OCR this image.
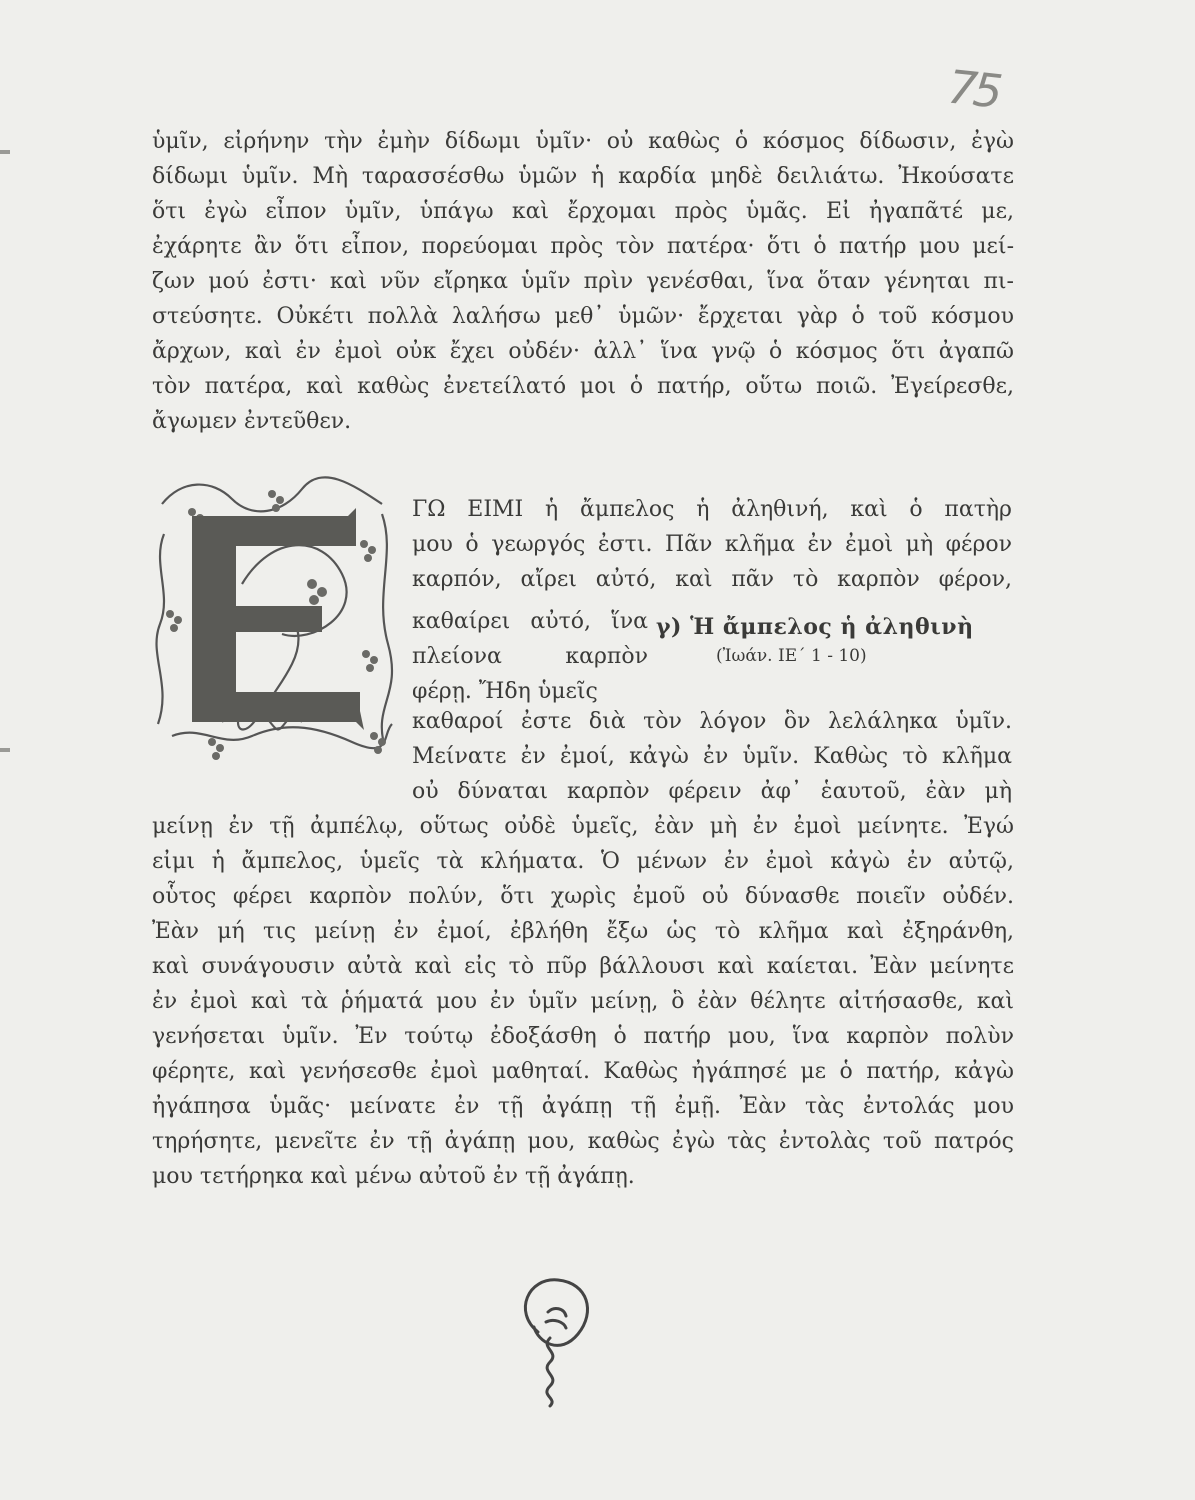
75
ὑμῖν, εἰρήνην τὴν ἐμὴν δίδωμι ὑμῖν· οὐ καθὼς ὁ κόσμος δίδωσιν, ἐγὼ
δίδωμι ὑμῖν. Μὴ ταρασσέσθω ὑμῶν ἡ καρδία μηδὲ δειλιάτω. Ἠκούσατε
ὅτι ἐγὼ εἶπον ὑμῖν, ὑπάγω καὶ ἔρχομαι πρὸς ὑμᾶς. Εἰ ἠγαπᾶτέ με,
ἐχάρητε ἂν ὅτι εἶπον, πορεύομαι πρὸς τὸν πατέρα· ὅτι ὁ πατήρ μου μεί-
ζων μού ἐστι· καὶ νῦν εἴρηκα ὑμῖν πρὶν γενέσθαι, ἵνα ὅταν γένηται πι-
στεύσητε. Οὐκέτι πολλὰ λαλήσω μεθ᾽ ὑμῶν· ἔρχεται γὰρ ὁ τοῦ κόσμου
ἄρχων, καὶ ἐν ἐμοὶ οὐκ ἔχει οὐδέν· ἀλλ᾽ ἵνα γνῷ ὁ κόσμος ὅτι ἀγαπῶ
τὸν πατέρα, καὶ καθὼς ἐνετείλατό μοι ὁ πατήρ, οὕτω ποιῶ. Ἐγείρεσθε,
ἄγωμεν ἐντεῦθεν.
ΓΩ ΕΙΜΙ ἡ ἄμπελος ἡ ἀληθινή, καὶ ὁ πατὴρ
μου ὁ γεωργός ἐστι. Πᾶν κλῆμα ἐν ἐμοὶ μὴ φέρον
καρπόν, αἴρει αὐτό, καὶ πᾶν τὸ καρπὸν φέρον,
καθαίρει αὐτό, ἵνα
πλείονα καρπὸν
φέρῃ. Ἤδη ὑμεῖς
γ) Ἡ ἄμπελος ἡ ἀληθινὴ
(Ἰωάν. ΙΕ΄ 1 - 10)
καθαροί ἐστε διὰ τὸν λόγον ὃν λελάληκα ὑμῖν.
Μείνατε ἐν ἐμοί, κἀγὼ ἐν ὑμῖν. Καθὼς τὸ κλῆμα
οὐ δύναται καρπὸν φέρειν ἀφ᾽ ἑαυτοῦ, ἐὰν μὴ
μείνῃ ἐν τῇ ἀμπέλῳ, οὕτως οὐδὲ ὑμεῖς, ἐὰν μὴ ἐν ἐμοὶ μείνητε. Ἐγώ
εἰμι ἡ ἄμπελος, ὑμεῖς τὰ κλήματα. Ὁ μένων ἐν ἐμοὶ κἀγὼ ἐν αὐτῷ,
οὗτος φέρει καρπὸν πολύν, ὅτι χωρὶς ἐμοῦ οὐ δύνασθε ποιεῖν οὐδέν.
Ἐὰν μή τις μείνῃ ἐν ἐμοί, ἐβλήθη ἔξω ὡς τὸ κλῆμα καὶ ἐξηράνθη,
καὶ συνάγουσιν αὐτὰ καὶ εἰς τὸ πῦρ βάλλουσι καὶ καίεται. Ἐὰν μείνητε
ἐν ἐμοὶ καὶ τὰ ῥήματά μου ἐν ὑμῖν μείνῃ, ὃ ἐὰν θέλητε αἰτήσασθε, καὶ
γενήσεται ὑμῖν. Ἐν τούτῳ ἐδοξάσθη ὁ πατήρ μου, ἵνα καρπὸν πολὺν
φέρητε, καὶ γενήσεσθε ἐμοὶ μαθηταί. Καθὼς ἠγάπησέ με ὁ πατήρ, κἀγὼ
ἠγάπησα ὑμᾶς· μείνατε ἐν τῇ ἀγάπῃ τῇ ἐμῇ. Ἐὰν τὰς ἐντολάς μου
τηρήσητε, μενεῖτε ἐν τῇ ἀγάπῃ μου, καθὼς ἐγὼ τὰς ἐντολὰς τοῦ πατρός
μου τετήρηκα καὶ μένω αὐτοῦ ἐν τῇ ἀγάπῃ.
